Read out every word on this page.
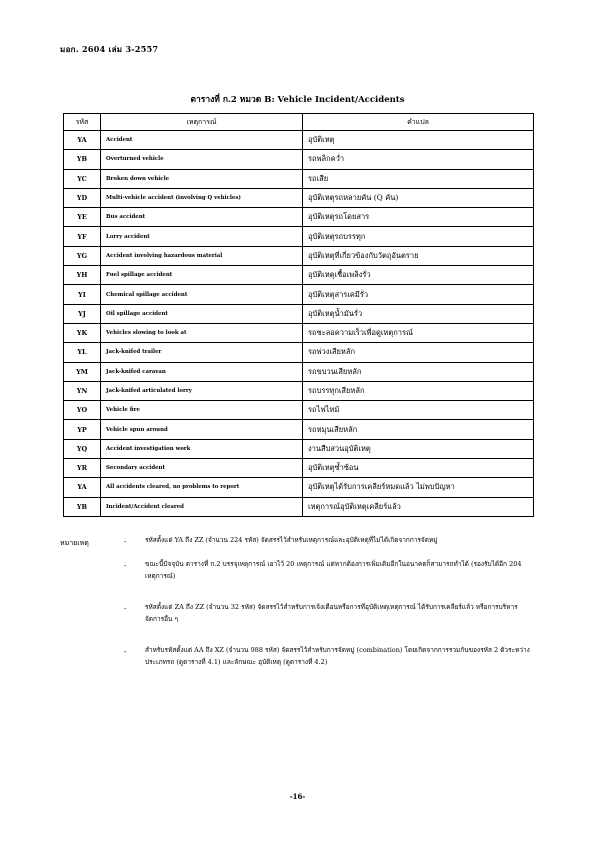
มอก. 2604 เล่ม 3-2557
ตารางที่ ก.2 หมวด B: Vehicle Incident/Accidents
รหัส	เหตุการณ์	คำแปล
YA	Accident	อุบัติเหตุ
YB	Overturned vehicle	รถพลิกคว่ำ
YC	Broken down vehicle	รถเสีย
YD	Multi-vehicle accident (involving Q vehicles)	อุบัติเหตุรถหลายคัน (Q คัน)
YE	Bus accident	อุบัติเหตุรถโดยสาร
YF	Lorry accident	อุบัติเหตุรถบรรทุก
YG	Accident involving hazardous material	อุบัติเหตุที่เกี่ยวข้องกับวัตถุอันตราย
YH	Fuel spillage accident	อุบัติเหตุเชื้อเพลิงรั่ว
YI	Chemical spillage accident	อุบัติเหตุสารเคมีรั่ว
YJ	Oil spillage accident	อุบัติเหตุน้ำมันรั่ว
YK	Vehicles slowing to look at	รถชะลอความเร็วเพื่อดูเหตุการณ์
YL	Jack-knifed trailer	รถพ่วงเสียหลัก
YM	Jack-knifed caravan	รถขบวนเสียหลัก
YN	Jack-knifed articulated lorry	รถบรรทุกเสียหลัก
YO	Vehicle fire	รถไฟไหม้
YP	Vehicle spun around	รถหมุนเสียหลัก
YQ	Accident investigation work	งานสืบสวนอุบัติเหตุ
YR	Secondary accident	อุบัติเหตุซ้ำซ้อน
YA	All accidents cleared, no problems to report	อุบัติเหตุได้รับการเคลียร์หมดแล้ว ไม่พบปัญหา
YB	Incident/Accident cleared	เหตุการณ์อุบัติเหตุเคลียร์แล้ว
หมายเหตุ	-	รหัสตั้งแต่ YA ถึง ZZ (จำนวน 224 รหัส) จัดสรรไว้สำหรับเหตุการณ์และอุบัติเหตุที่ไม่ได้เกิดจากการจัดหมู่
-	ขณะนี้ปัจจุบัน ตารางที่ ก.2 บรรจุเหตุการณ์ เอาไว้ 20 เหตุการณ์ แต่หากต้องการเพิ่มเติมอีกในอนาคตก็สามารถทำได้ (รองรับได้อีก 204 เหตุการณ์)
-	รหัสตั้งแต่ ZA ถึง ZZ (จำนวน 32 รหัส) จัดสรรไว้สำหรับการเจ้งเตือนหรือการที่อุบัติเหตุเหตุการณ์ ได้รับการเคลียร์แล้ว หรือการบริหารจัดการอื่น ๆ
-	สำหรับรหัสตั้งแต่ AA ถึง XZ (จำนวน 988 รหัส) จัดสรรไว้สำหรับการจัดหมู่ (combination) โดยเกิดจากการรวมกันของรหัส 2 ตัวระหว่าง ประเภทรถ (ดูตารางที่ 4.1) และลักษณะ อุบัติเหตุ (ดูตารางที่ 4.2)
-16-
